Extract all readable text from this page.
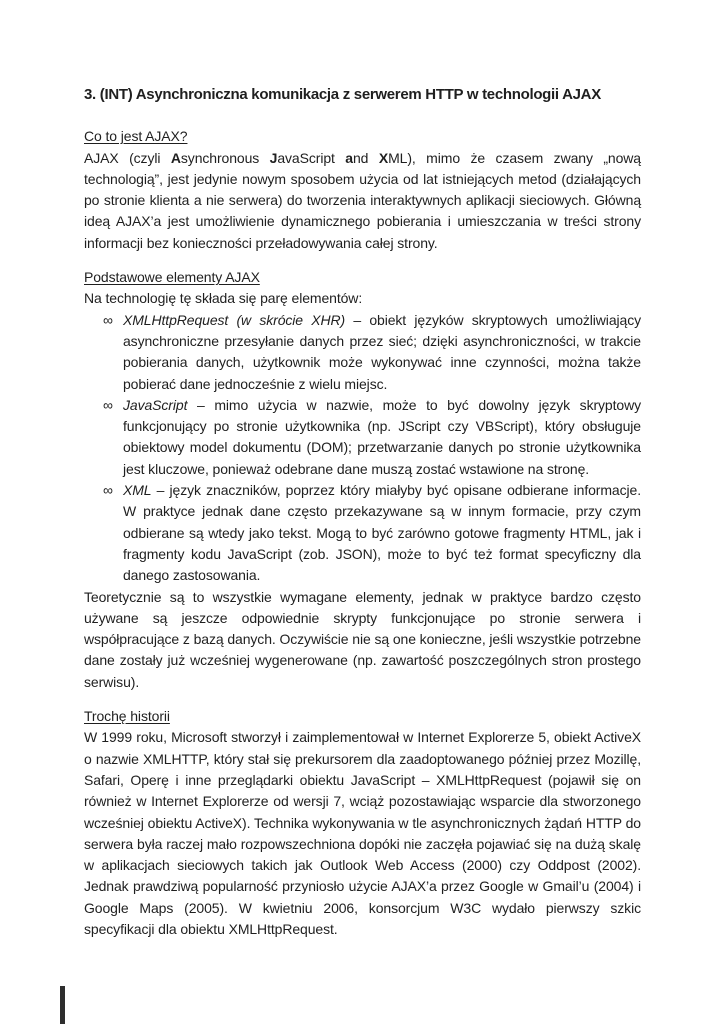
3. (INT) Asynchroniczna komunikacja z serwerem HTTP w technologii AJAX
Co to jest AJAX?

AJAX (czyli Asynchronous JavaScript and XML), mimo że czasem zwany „nową technologią”, jest jedynie nowym sposobem użycia od lat istniejących metod (działających po stronie klienta a nie serwera) do tworzenia interaktywnych aplikacji sieciowych. Główną ideą AJAX’a jest umożliwienie dynamicznego pobierania i umieszczania w treści strony informacji bez konieczności przeładowywania całej strony.

Podstawowe elementy AJAX

Na technologię tę składa się parę elementów:

∞ XMLHttpRequest (w skrócie XHR) – obiekt języków skryptowych umożliwiający asynchroniczne przesyłanie danych przez sieć; dzięki asynchroniczności, w trakcie pobierania danych, użytkownik może wykonywać inne czynności, można także pobierać dane jednocześnie z wielu miejsc.
∞ JavaScript – mimo użycia w nazwie, może to być dowolny język skryptowy funkcjonujący po stronie użytkownika (np. JScript czy VBScript), który obsługuje obiektowy model dokumentu (DOM); przetwarzanie danych po stronie użytkownika jest kluczowe, ponieważ odebrane dane muszą zostać wstawione na stronę.
∞ XML – język znaczników, poprzez który miałyby być opisane odbierane informacje. W praktyce jednak dane często przekazywane są w innym formacie, przy czym odbierane są wtedy jako tekst. Mogą to być zarówno gotowe fragmenty HTML, jak i fragmenty kodu JavaScript (zob. JSON), może to być też format specyficzny dla danego zastosowania.

Teoretycznie są to wszystkie wymagane elementy, jednak w praktyce bardzo często używane są jeszcze odpowiednie skrypty funkcjonujące po stronie serwera i współpracujące z bazą danych. Oczywiście nie są one konieczne, jeśli wszystkie potrzebne dane zostały już wcześniej wygenerowane (np. zawartość poszczególnych stron prostego serwisu).

Trochę historii

W 1999 roku, Microsoft stworzył i zaimplementował w Internet Explorerze 5, obiekt ActiveX o nazwie XMLHTTP, który stał się prekursorem dla zaadoptowanego później przez Mozillę, Safari, Operę i inne przeglądarki obiektu JavaScript – XMLHttpRequest (pojawił się on również w Internet Explorerze od wersji 7, wciąż pozostawiając wsparcie dla stworzonego wcześniej obiektu ActiveX). Technika wykonywania w tle asynchronicznych żądań HTTP do serwera była raczej mało rozpowszechniona dopóki nie zaczęła pojawiać się na dużą skalę w aplikacjach sieciowych takich jak Outlook Web Access (2000) czy Oddpost (2002). Jednak prawdziwą popularność przyniosło użycie AJAX’a przez Google w Gmail’u (2004) i Google Maps (2005). W kwietniu 2006, konsorcjum W3C wydało pierwszy szkic specyfikacji dla obiektu XMLHttpRequest.
